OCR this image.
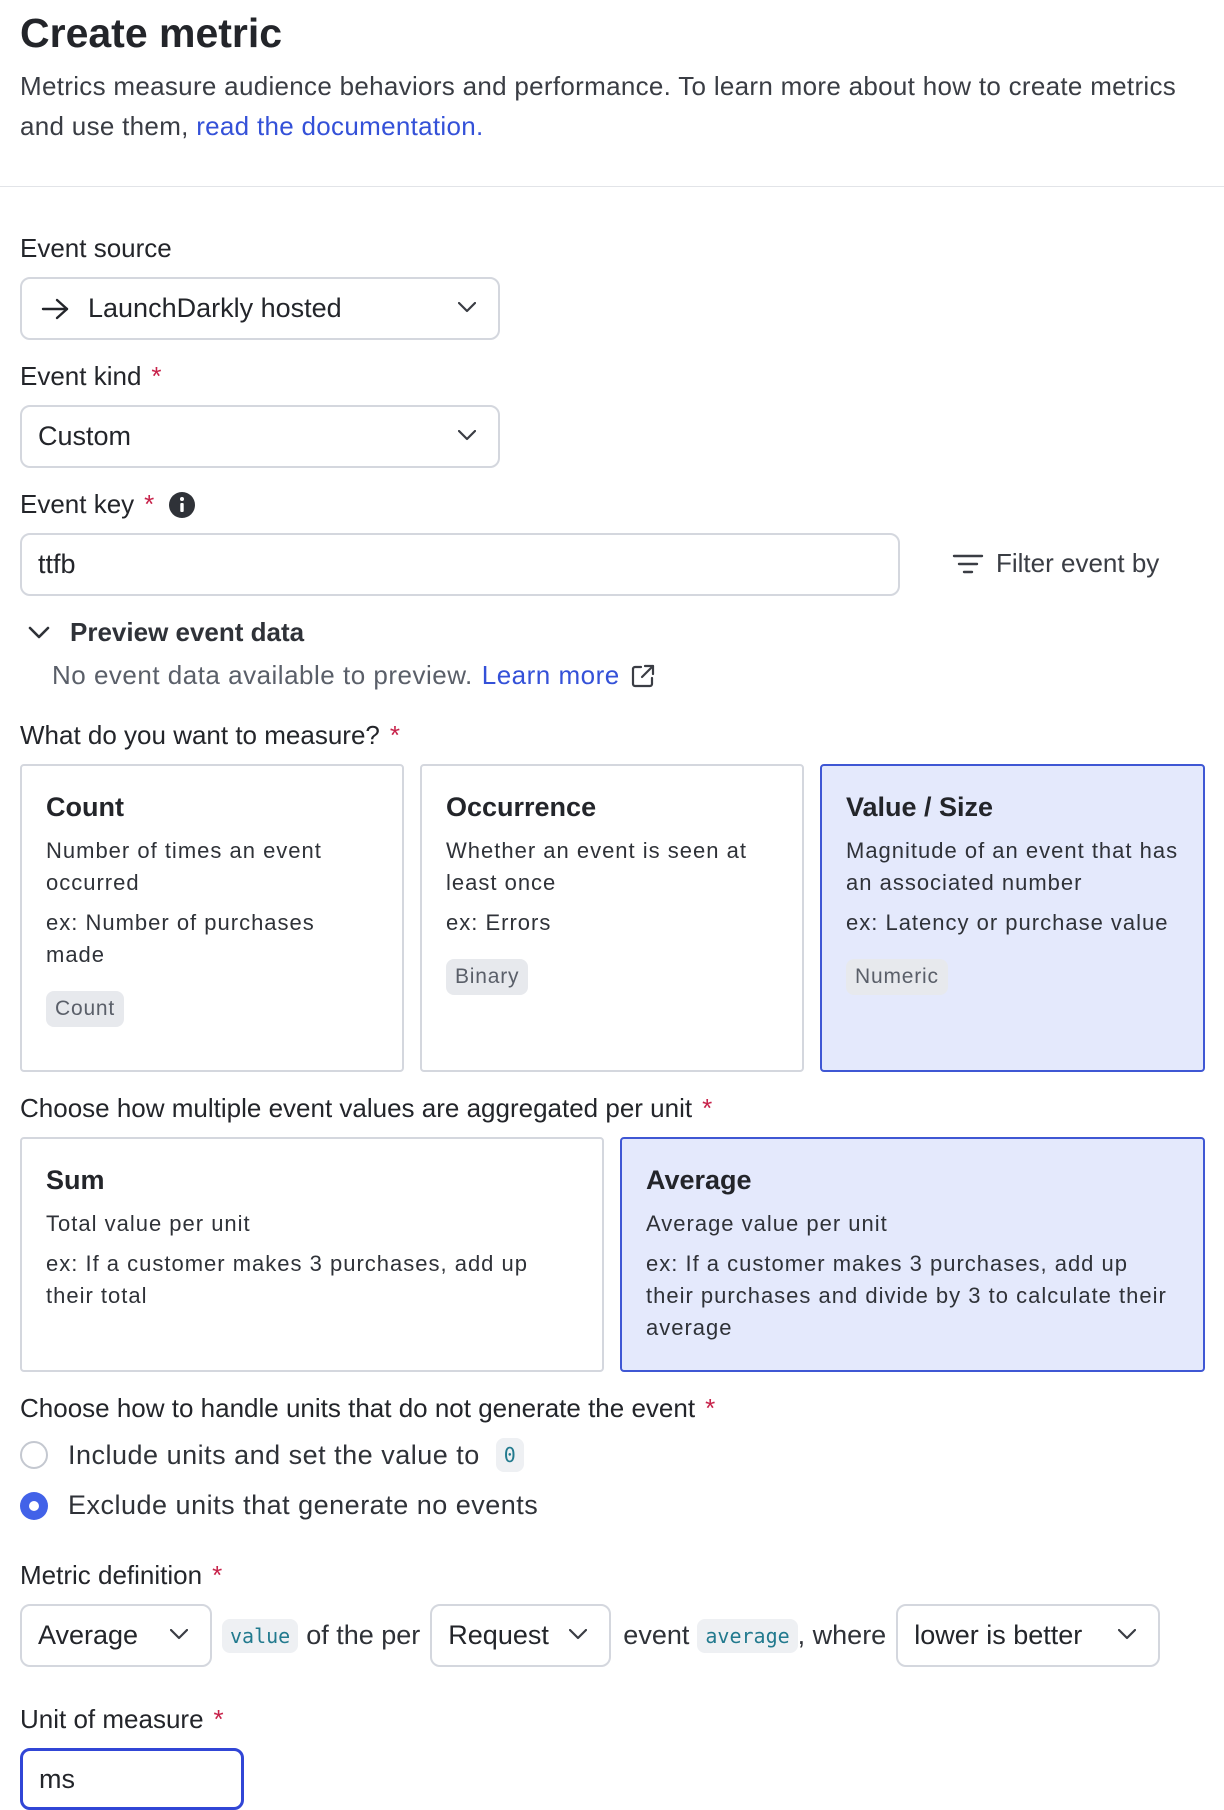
Create metric
Metrics measure audience behaviors and performance. To learn more about how to create metrics and use them, read the documentation.
Event source
LaunchDarkly hosted
Event kind *
Custom
Event key *
ttfb	Filter event by
Preview event data
No event data available to preview. Learn more
What do you want to measure? *
Count
Number of times an event occurred
ex: Number of purchases made
Count
Occurrence
Whether an event is seen at least once
ex: Errors
Binary
Value / Size
Magnitude of an event that has an associated number
ex: Latency or purchase value
Numeric
Choose how multiple event values are aggregated per unit *
Sum
Total value per unit
ex: If a customer makes 3 purchases, add up their total
Average
Average value per unit
ex: If a customer makes 3 purchases, add up their purchases and divide by 3 to calculate their average
Choose how to handle units that do not generate the event *
Include units and set the value to	0
Exclude units that generate no events
Metric definition *
Average	value of the per Request	event average , where lower is better
Unit of measure *
ms
